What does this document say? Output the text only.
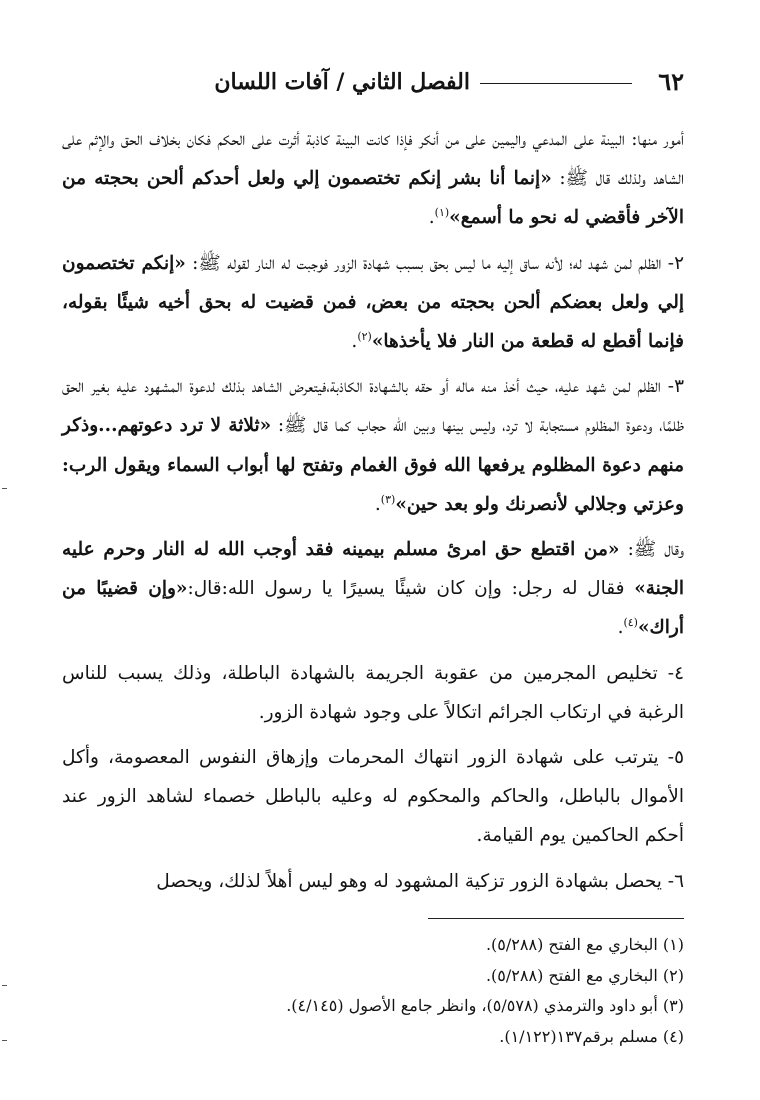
٦٢
الفصل الثاني / آفات اللسان

أمور منها: البينة على المدعي واليمين على من أنكر فإذا كانت البينة كاذبة أثرت على الحكم فكان بخلاف الحق والإثم على الشاهد ولذلك قال ﷺ: «إنما أنا بشر إنكم تختصمون إلي ولعل أحدكم ألحن بحجته من الآخر فأقضي له نحو ما أسمع»$^{(١)}$.

٢- الظلم لمن شهد له؛ لأنه ساق إليه ما ليس بحق بسبب شهادة الزور فوجبت له النار لقوله ﷺ: «إنكم تختصمون إلي ولعل بعضكم ألحن بحجته من بعض، فمن قضيت له بحق أخيه شيئًا بقوله، فإنما أقطع له قطعة من النار فلا يأخذها»$^{(٢)}$.

٣- الظلم لمن شهد عليه، حيث أخذ منه ماله أو حقه بالشهادة الكاذبة،فيتعرض الشاهد بذلك لدعوة المشهود عليه بغير الحق ظلمًا، ودعوة المظلوم مستجابة لا ترد، وليس بينها وبين الله حجاب كما قال ﷺ: «ثلاثة لا ترد دعوتهم...وذكر منهم دعوة المظلوم يرفعها الله فوق الغمام وتفتح لها أبواب السماء ويقول الرب: وعزتي وجلالي لأنصرنك ولو بعد حين»$^{(٣)}$.

وقال ﷺ: «من اقتطع حق امرئ مسلم بيمينه فقد أوجب الله له النار وحرم عليه الجنة» فقال له رجل: وإن كان شيئًا يسيرًا يا رسول الله:قال:«وإن قضيبًا من أراك»$^{(٤)}$.

٤- تخليص المجرمين من عقوبة الجريمة بالشهادة الباطلة، وذلك يسبب للناس الرغبة في ارتكاب الجرائم اتكالاً على وجود شهادة الزور.

٥- يترتب على شهادة الزور انتهاك المحرمات وإزهاق النفوس المعصومة، وأكل الأموال بالباطل، والحاكم والمحكوم له وعليه بالباطل خصماء لشاهد الزور عند أحكم الحاكمين يوم القيامة.

٦- يحصل بشهادة الزور تزكية المشهود له وهو ليس أهلاً لذلك، ويحصل

(١) البخاري مع الفتح (٥/٢٨٨).
(٢) البخاري مع الفتح (٥/٢٨٨).
(٣) أبو داود والترمذي (٥/٥٧٨)، وانظر جامع الأصول (٤/١٤٥).
(٤) مسلم برقم١٣٧(١/١٢٢).
